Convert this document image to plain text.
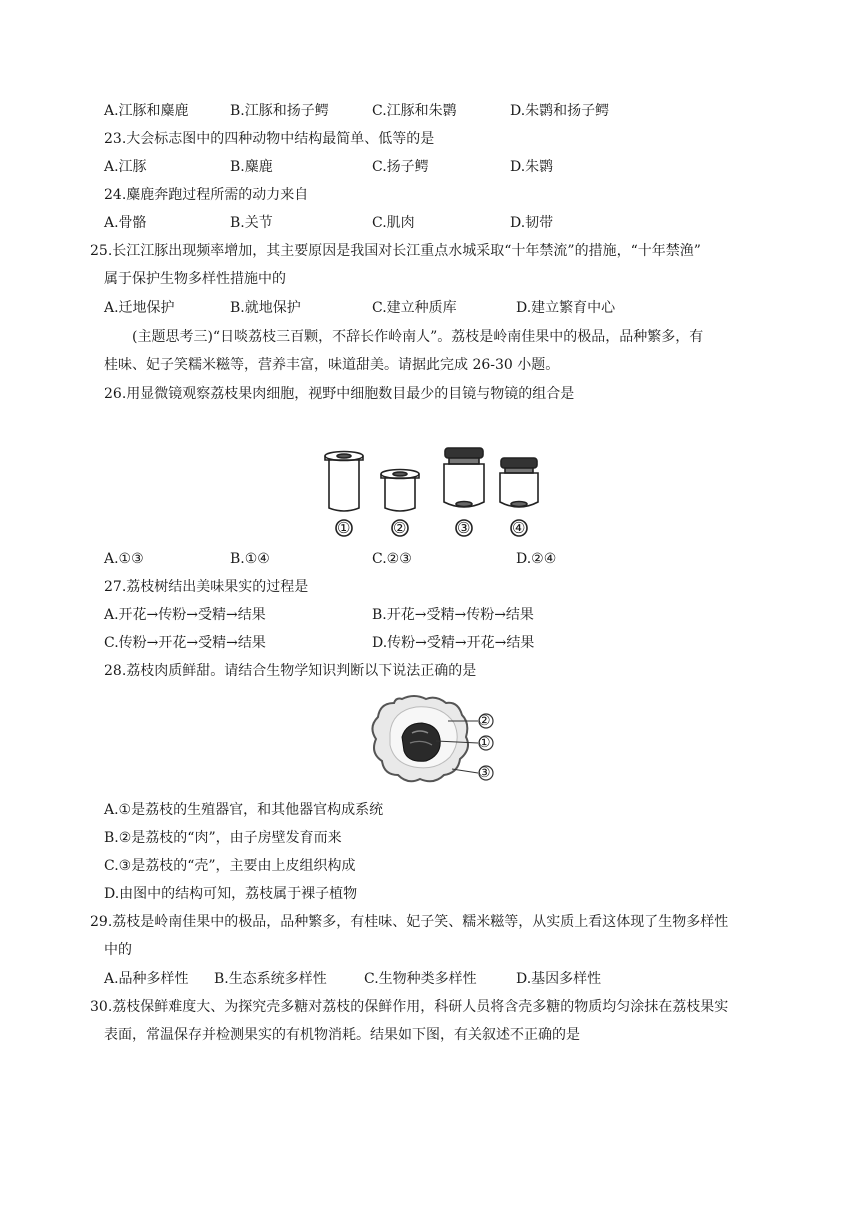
A.江豚和麋鹿	B.江豚和扬子鳄	C.江豚和朱鹮	D.朱鹮和扬子鳄
23.大会标志图中的四种动物中结构最简单、低等的是
A.江豚	B.麋鹿	C.扬子鳄	D.朱鹮
24.麋鹿奔跑过程所需的动力来自
A.骨骼	B.关节	C.肌肉	D.韧带
25.长江江豚出现频率增加，其主要原因是我国对长江重点水城采取“十年禁流”的措施，“十年禁渔”
属于保护生物多样性措施中的
A.迁地保护	B.就地保护	C.建立种质库	D.建立繁育中心
(主题思考三)“日啖荔枝三百颗，不辞长作岭南人”。荔枝是岭南佳果中的极品，品种繁多，有
桂味、妃子笑糯米糍等，营养丰富，味道甜美。请据此完成 26-30 小题。
26.用显微镜观察荔枝果肉细胞，视野中细胞数目最少的目镜与物镜的组合是
①	②	③	④
A.①③	B.①④	C.②③	D.②④
27.荔枝树结出美味果实的过程是
A.开花→传粉→受精→结果	B.开花→受精→传粉→结果
C.传粉→开花→受精→结果	D.传粉→受精→开花→结果
28.荔枝肉质鲜甜。请结合生物学知识判断以下说法正确的是
②
①
③
A.①是荔枝的生殖器官，和其他器官构成系统
B.②是荔枝的“肉”，由子房壁发育而来
C.③是荔枝的“壳”，主要由上皮组织构成
D.由图中的结构可知，荔枝属于裸子植物
29.荔枝是岭南佳果中的极品，品种繁多，有桂味、妃子笑、糯米糍等，从实质上看这体现了生物多样性
中的
A.品种多样性 B.生态系统多样性	C.生物种类多样性	D.基因多样性
30.荔枝保鲜难度大、为探究壳多糖对荔枝的保鲜作用，科研人员将含壳多糖的物质均匀涂抹在荔枝果实
表面，常温保存并检测果实的有机物消耗。结果如下图，有关叙述不正确的是
